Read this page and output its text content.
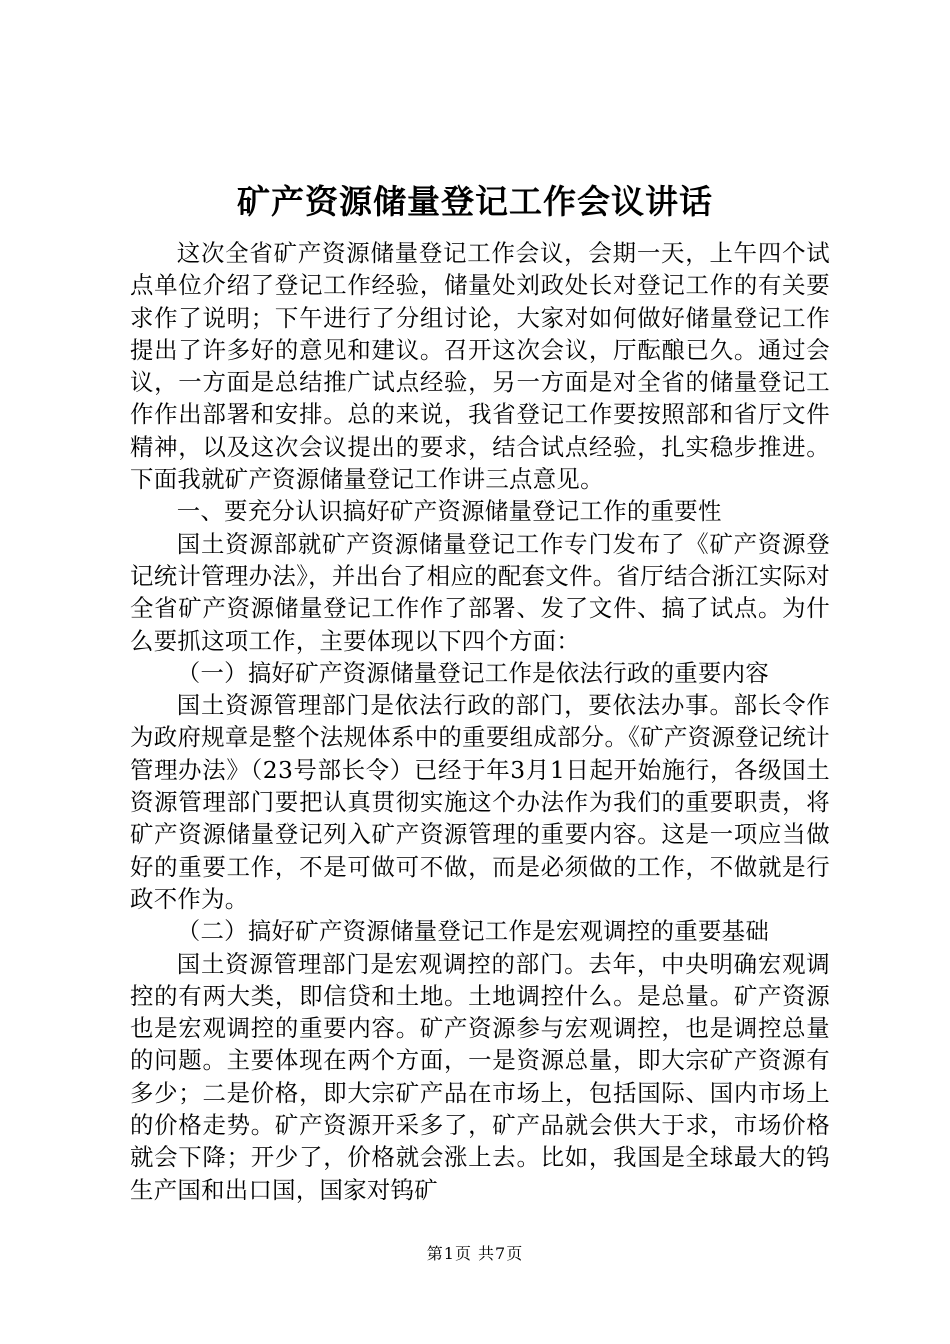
矿产资源储量登记工作会议讲话

这次全省矿产资源储量登记工作会议，会期一天，上午四个试点单位介绍了登记工作经验，储量处刘政处长对登记工作的有关要求作了说明；下午进行了分组讨论，大家对如何做好储量登记工作提出了许多好的意见和建议。召开这次会议，厅酝酿已久。通过会议，一方面是总结推广试点经验，另一方面是对全省的储量登记工作作出部署和安排。总的来说，我省登记工作要按照部和省厅文件精神，以及这次会议提出的要求，结合试点经验，扎实稳步推进。下面我就矿产资源储量登记工作讲三点意见。

一、要充分认识搞好矿产资源储量登记工作的重要性

国土资源部就矿产资源储量登记工作专门发布了《矿产资源登记统计管理办法》，并出台了相应的配套文件。省厅结合浙江实际对全省矿产资源储量登记工作作了部署、发了文件、搞了试点。为什么要抓这项工作，主要体现以下四个方面：

（一）搞好矿产资源储量登记工作是依法行政的重要内容

国土资源管理部门是依法行政的部门，要依法办事。部长令作为政府规章是整个法规体系中的重要组成部分。《矿产资源登记统计管理办法》（23号部长令）已经于年3月1日起开始施行，各级国土资源管理部门要把认真贯彻实施这个办法作为我们的重要职责，将矿产资源储量登记列入矿产资源管理的重要内容。这是一项应当做好的重要工作，不是可做可不做，而是必须做的工作，不做就是行政不作为。

（二）搞好矿产资源储量登记工作是宏观调控的重要基础

国土资源管理部门是宏观调控的部门。去年，中央明确宏观调控的有两大类，即信贷和土地。土地调控什么。是总量。矿产资源也是宏观调控的重要内容。矿产资源参与宏观调控，也是调控总量的问题。主要体现在两个方面，一是资源总量，即大宗矿产资源有多少；二是价格，即大宗矿产品在市场上，包括国际、国内市场上的价格走势。矿产资源开采多了，矿产品就会供大于求，市场价格就会下降；开少了，价格就会涨上去。比如，我国是全球最大的钨生产国和出口国，国家对钨矿

第1页 共7页
